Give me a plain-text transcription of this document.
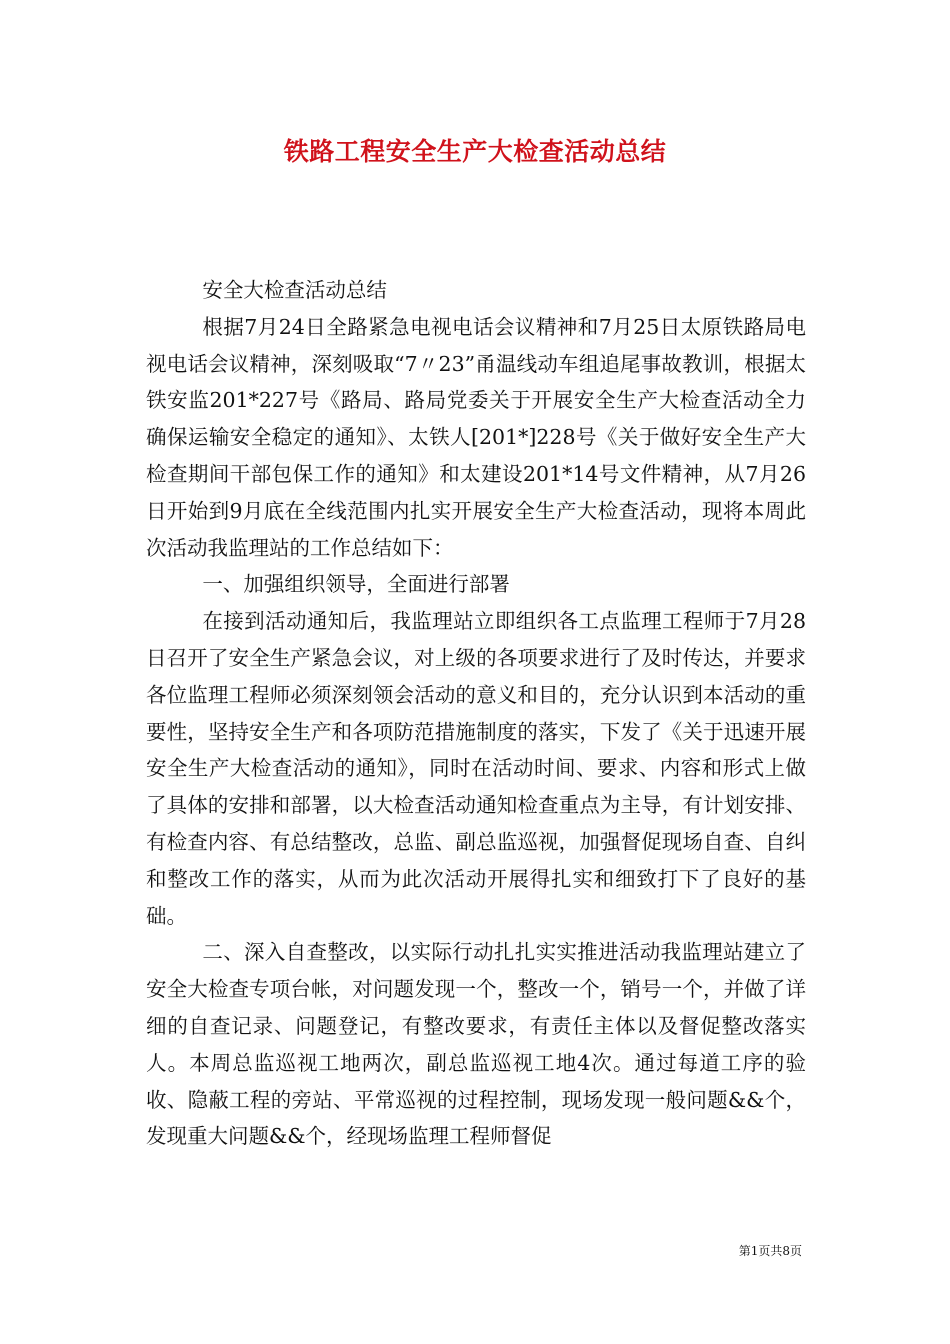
铁路工程安全生产大检查活动总结

安全大检查活动总结

根据7月24日全路紧急电视电话会议精神和7月25日太原铁路局电视电话会议精神，深刻吸取“7〃23”甬温线动车组追尾事故教训，根据太铁安监201*227号《路局、路局党委关于开展安全生产大检查活动全力确保运输安全稳定的通知》、太铁人[201*]228号《关于做好安全生产大检查期间干部包保工作的通知》和太建设201*14号文件精神，从7月26日开始到9月底在全线范围内扎实开展安全生产大检查活动，现将本周此次活动我监理站的工作总结如下：

一、加强组织领导，全面进行部署

在接到活动通知后，我监理站立即组织各工点监理工程师于7月28日召开了安全生产紧急会议，对上级的各项要求进行了及时传达，并要求各位监理工程师必须深刻领会活动的意义和目的，充分认识到本活动的重要性，坚持安全生产和各项防范措施制度的落实，下发了《关于迅速开展安全生产大检查活动的通知》，同时在活动时间、要求、内容和形式上做了具体的安排和部署，以大检查活动通知检查重点为主导，有计划安排、有检查内容、有总结整改，总监、副总监巡视，加强督促现场自查、自纠和整改工作的落实，从而为此次活动开展得扎实和细致打下了良好的基础。

二、深入自查整改，以实际行动扎扎实实推进活动我监理站建立了安全大检查专项台帐，对问题发现一个，整改一个，销号一个，并做了详细的自查记录、问题登记，有整改要求，有责任主体以及督促整改落实人。本周总监巡视工地两次，副总监巡视工地4次。通过每道工序的验收、隐蔽工程的旁站、平常巡视的过程控制，现场发现一般问题&&个，发现重大问题&&个，经现场监理工程师督促

第1页共8页
